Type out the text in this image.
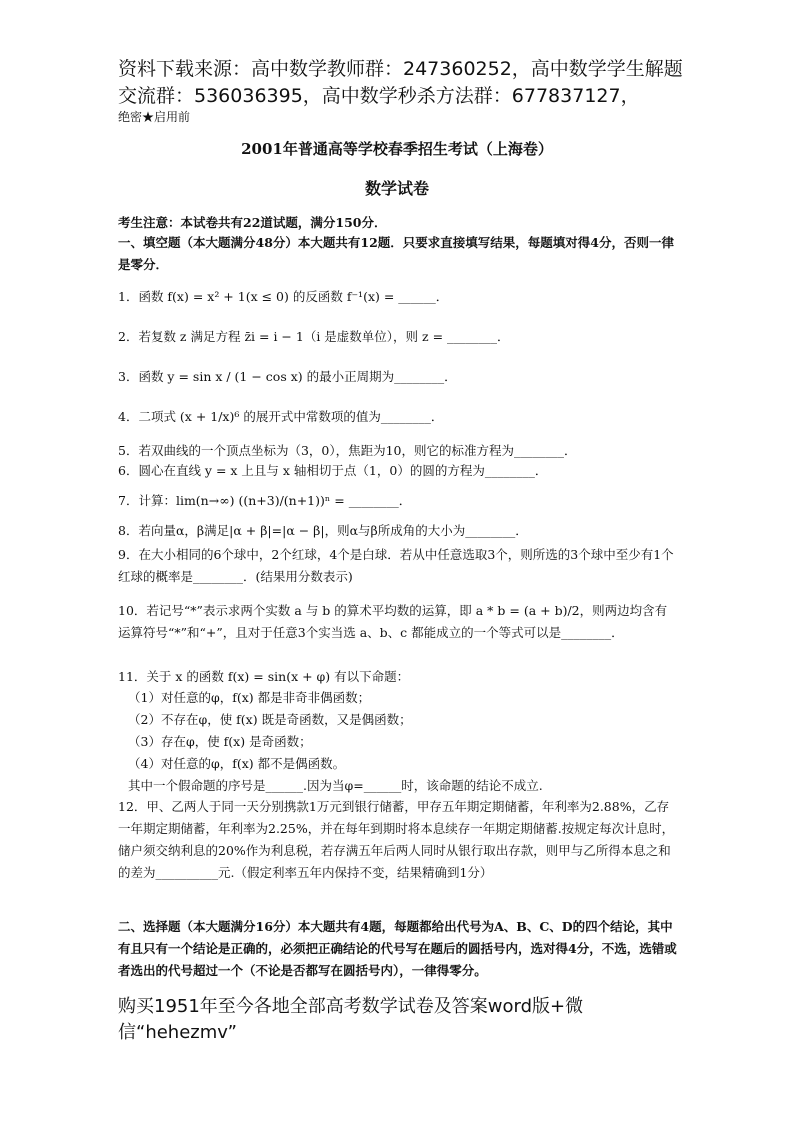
资料下载来源：高中数学教师群：247360252，高中数学学生解题交流群：536036395，高中数学秒杀方法群：677837127，
绝密★启用前
2001年普通高等学校春季招生考试（上海卷）
数学试卷
考生注意：本试卷共有22道试题，满分150分．
一、填空题（本大题满分48分）本大题共有12题．只要求直接填写结果，每题填对得4分，否则一律是零分．
1．函数 f(x) = x² + 1(x ≤ 0) 的反函数 f⁻¹(x) = ______．
2．若复数 z 满足方程 z̄i = i − 1（i 是虚数单位），则 z = ________．
3．函数 y = sin x / (1 − cos x) 的最小正周期为________．
4．二项式 (x + 1/x)⁶ 的展开式中常数项的值为________．
5．若双曲线的一个顶点坐标为（3，0），焦距为10，则它的标准方程为________．
6．圆心在直线 y = x 上且与 x 轴相切于点（1，0）的圆的方程为________．
7．计算：lim(n→∞) ((n+3)/(n+1))ⁿ = ________．
8．若向量α，β满足|α + β|=|α − β|，则α与β所成角的大小为________．
9．在大小相同的6个球中，2个红球，4个是白球．若从中任意选取3个，则所选的3个球中至少有1个红球的概率是________．(结果用分数表示)
10．若记号“*”表示求两个实数 a 与 b 的算术平均数的运算，即 a * b = (a + b)/2，则两边均含有运算符号“*”和“+”，且对于任意3个实当选 a、b、c 都能成立的一个等式可以是________．
11．关于 x 的函数 f(x) = sin(x + φ) 有以下命题：
（1）对任意的φ，f(x) 都是非奇非偶函数；
（2）不存在φ，使 f(x) 既是奇函数，又是偶函数；
（3）存在φ，使 f(x) 是奇函数；
（4）对任意的φ，f(x) 都不是偶函数。
其中一个假命题的序号是______.因为当φ=______时，该命题的结论不成立.
12．甲、乙两人于同一天分别携款1万元到银行储蓄，甲存五年期定期储蓄，年利率为2.88%，乙存一年期定期储蓄，年利率为2.25%，并在每年到期时将本息续存一年期定期储蓄.按规定每次计息时，储户须交纳利息的20%作为利息税，若存满五年后两人同时从银行取出存款，则甲与乙所得本息之和的差为__________元.（假定利率五年内保持不变，结果精确到1分）
二、选择题（本大题满分16分）本大题共有4题，每题都给出代号为A、B、C、D的四个结论，其中有且只有一个结论是正确的，必须把正确结论的代号写在题后的圆括号内，选对得4分，不选，选错或者选出的代号超过一个（不论是否都写在圆括号内），一律得零分。
购买1951年至今各地全部高考数学试卷及答案word版+微信“hehezmv”
